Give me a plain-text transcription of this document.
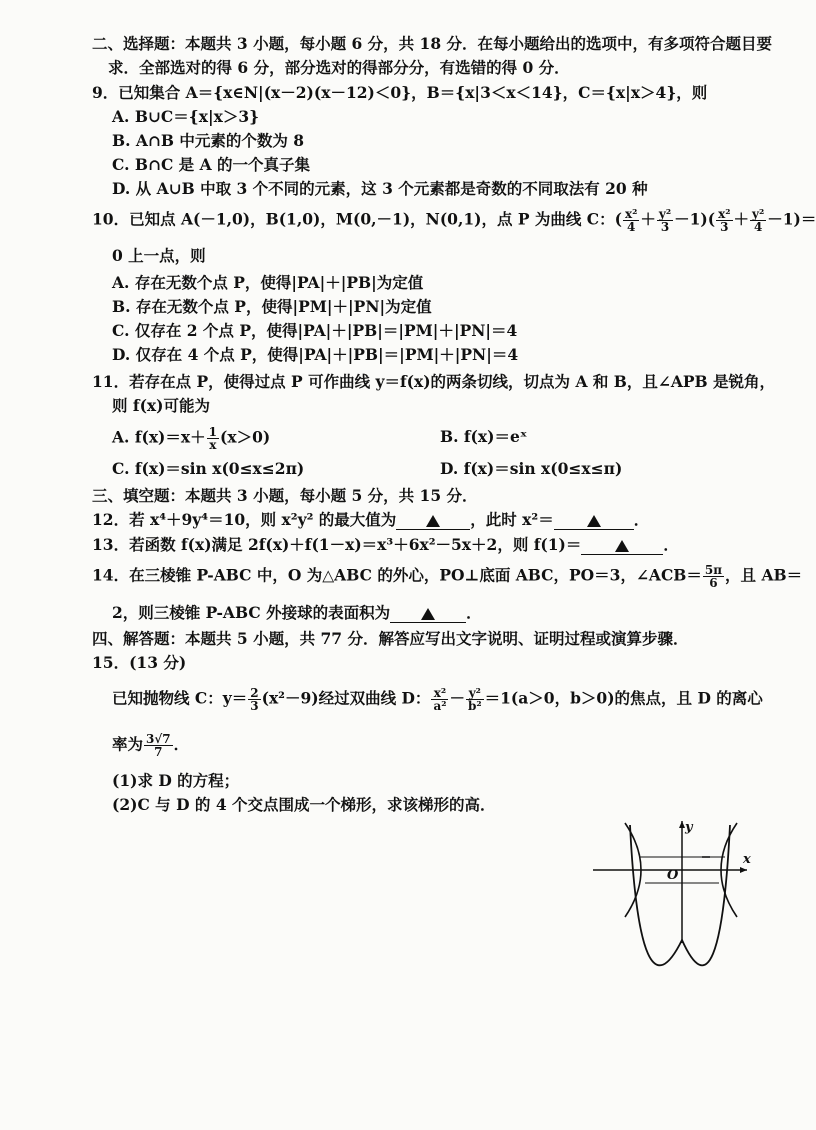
二、选择题：本题共 3 小题，每小题 6 分，共 18 分．在每小题给出的选项中，有多项符合题目要
求．全部选对的得 6 分，部分选对的得部分分，有选错的得 0 分．
9．已知集合 A＝{x∈N|(x－2)(x－12)＜0}，B＝{x|3＜x＜14}，C＝{x|x＞4}，则
A. B∪C＝{x|x＞3}
B. A∩B 中元素的个数为 8
C. B∩C 是 A 的一个真子集
D. 从 A∪B 中取 3 个不同的元素，这 3 个元素都是奇数的不同取法有 20 种
10．已知点 A(－1,0)，B(1,0)，M(0,－1)，N(0,1)，点 P 为曲线 C：( $\frac{\text{x²}}{4} + \frac{\text{y²}}{3} -1)( \frac{\text{x²}}{3} + \frac{\text{y²}}{4} -1)=$
0 上一点，则
A. 存在无数个点 P，使得|PA|＋|PB|为定值
B. 存在无数个点 P，使得|PM|＋|PN|为定值
C. 仅存在 2 个点 P，使得|PA|＋|PB|＝|PM|＋|PN|＝4
D. 仅存在 4 个点 P，使得|PA|＋|PB|＝|PM|＋|PN|＝4
11．若存在点 P，使得过点 P 可作曲线 y＝f(x)的两条切线，切点为 A 和 B，且∠APB 是锐角，
则 f(x)可能为
A. $f(x)=x+ \frac{1}{x} (x>0)$	B. f(x)＝eˣ
C. f(x)＝sin x(0≤x≤2π)	D. f(x)＝sin x(0≤x≤π)
三、填空题：本题共 3 小题，每小题 5 分，共 15 分．
12．若 x⁴＋9y⁴＝10，则 x²y² 的最大值为	，此时 x²＝	．
13．若函数 f(x)满足 2f(x)＋f(1－x)＝x³＋6x²－5x＋2，则 f(1)＝	．
14．在三棱锥 P-ABC 中，O 为△ABC 的外心，PO⊥底面 ABC，PO＝3，∠ACB＝ $\frac{5\pi}{6}$ ，且 AB＝
2，则三棱锥 P-ABC 外接球的表面积为	．
四、解答题：本题共 5 小题，共 77 分．解答应写出文字说明、证明过程或演算步骤．
15．(13 分)
已知抛物线 C：$y= \frac{2}{3} (x^2-9)$经过双曲线 D： $\frac{\text{x²}}{\text{a²}} - \frac{\text{y²}}{\text{b²}} =1(a>0$，b＞0)的焦点，且 D 的离心
率为 $\frac{3√7}{7}$ ．
(1)求 D 的方程；
(2)C 与 D 的 4 个交点围成一个梯形，求该梯形的高．
y
x
O
